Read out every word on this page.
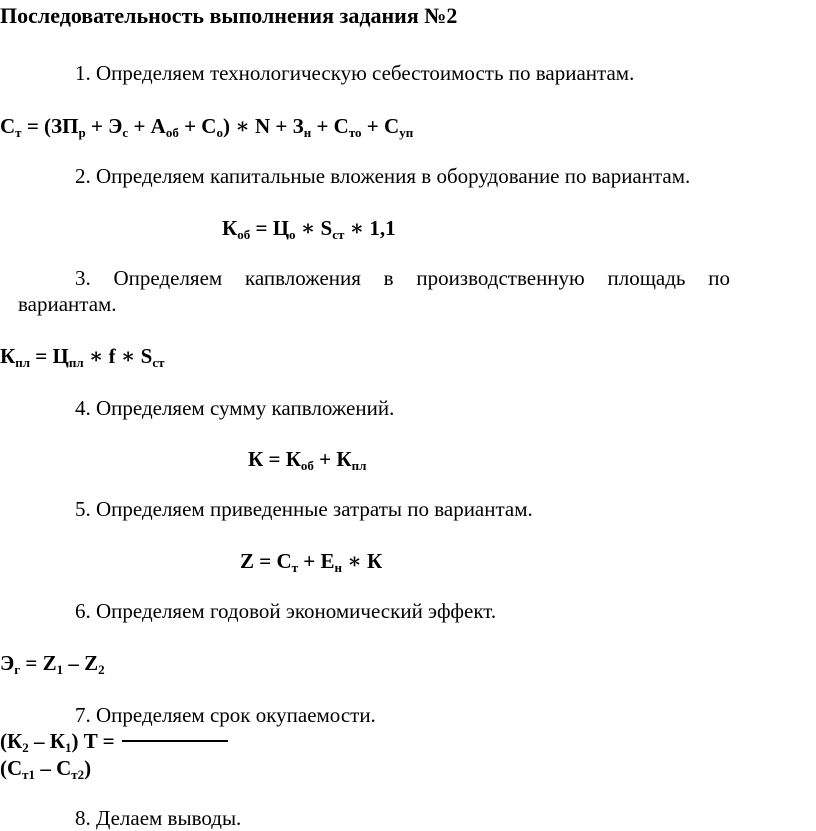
Последовательность выполнения задания №2
1. Определяем технологическую себестоимость по вариантам.
$С_т = (ЗП_р + Э_с + А_{об} + С_о)$ ∗ $N + З_н + С_{то} + С_{уп}$
2. Определяем капитальные вложения в оборудование по вариантам.
$К_{об} = Ц_о$ ∗ $S_{ст}$ ∗ 1,1
3. Определяем капвложения в производственную площадь по
вариантам.
$К_{пл} = Ц_{пл}$ ∗ f ∗ $S_{ст}$
4. Определяем сумму капвложений.
$К = К_{об} + К_{пл}$
5. Определяем приведенные затраты по вариантам.
$Z = С_т + Е_н$ ∗ К
6. Определяем годовой экономический эффект.
$Э_г = Z_1 - Z_2$
7. Определяем срок окупаемости.
$(К_2 - К_1) T$ =
$(С_{т1} - С_{т2})$
8. Делаем выводы.
